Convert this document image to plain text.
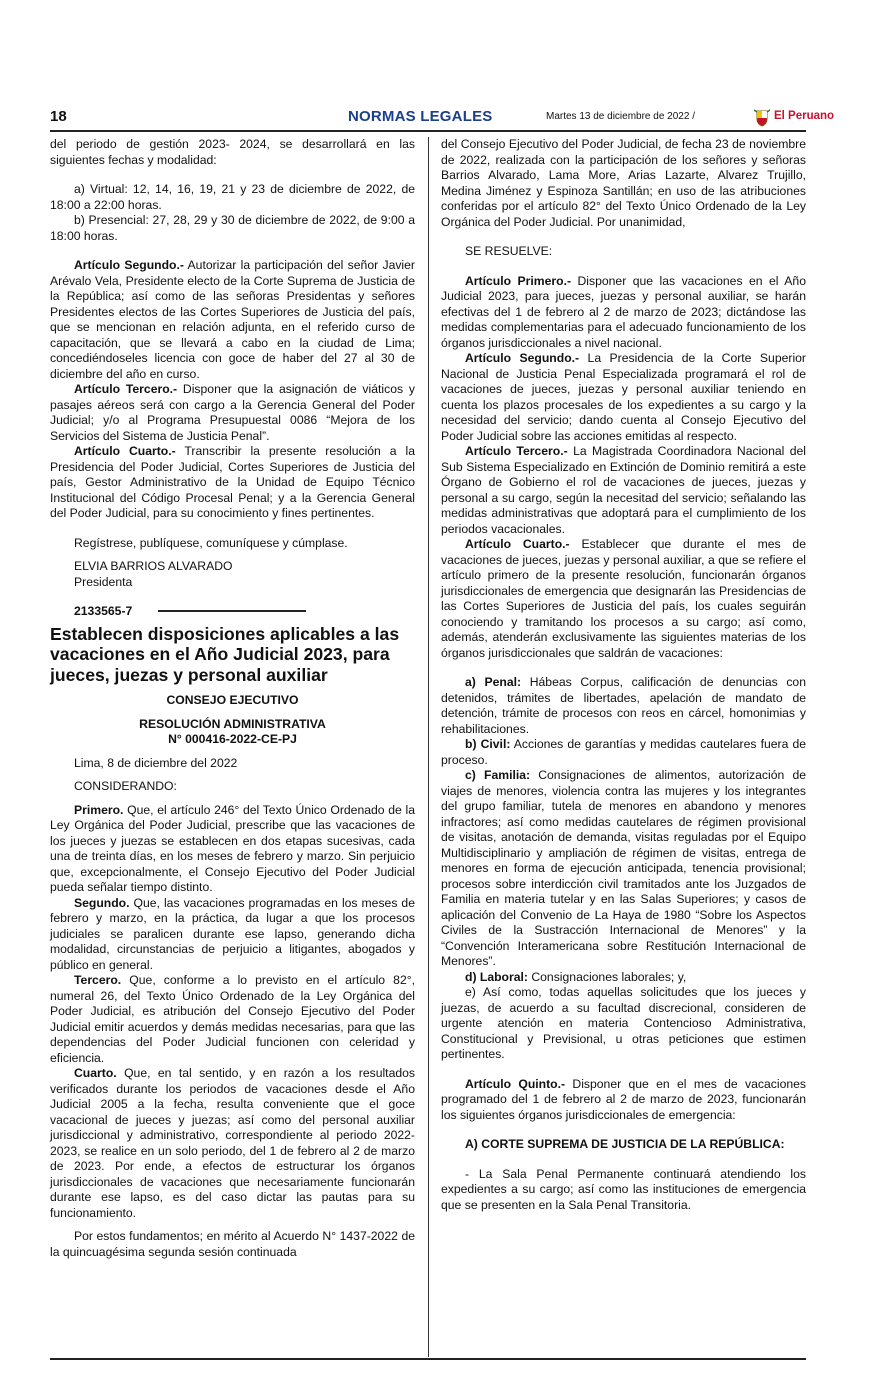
18	NORMAS LEGALES	Martes 13 de diciembre de 2022 /	El Peruano

del periodo de gestión 2023- 2024, se desarrollará en las siguientes fechas y modalidad:

a) Virtual: 12, 14, 16, 19, 21 y 23 de diciembre de 2022, de 18:00 a 22:00 horas.

b) Presencial: 27, 28, 29 y 30 de diciembre de 2022, de 9:00 a 18:00 horas.

Artículo Segundo.- Autorizar la participación del señor Javier Arévalo Vela, Presidente electo de la Corte Suprema de Justicia de la República; así como de las señoras Presidentas y señores Presidentes electos de las Cortes Superiores de Justicia del país, que se mencionan en relación adjunta, en el referido curso de capacitación, que se llevará a cabo en la ciudad de Lima; concediéndoseles licencia con goce de haber del 27 al 30 de diciembre del año en curso.

Artículo Tercero.- Disponer que la asignación de viáticos y pasajes aéreos será con cargo a la Gerencia General del Poder Judicial; y/o al Programa Presupuestal 0086 “Mejora de los Servicios del Sistema de Justicia Penal”.

Artículo Cuarto.- Transcribir la presente resolución a la Presidencia del Poder Judicial, Cortes Superiores de Justicia del país, Gestor Administrativo de la Unidad de Equipo Técnico Institucional del Código Procesal Penal; y a la Gerencia General del Poder Judicial, para su conocimiento y fines pertinentes.

Regístrese, publíquese, comuníquese y cúmplase.

ELVIA BARRIOS ALVARADO

Presidenta

2133565-7

Establecen disposiciones aplicables a las vacaciones en el Año Judicial 2023, para jueces, juezas y personal auxiliar

CONSEJO EJECUTIVO

RESOLUCIÓN ADMINISTRATIVA

N° 000416-2022-CE-PJ

Lima, 8 de diciembre del 2022

CONSIDERANDO:

Primero. Que, el artículo 246° del Texto Único Ordenado de la Ley Orgánica del Poder Judicial, prescribe que las vacaciones de los jueces y juezas se establecen en dos etapas sucesivas, cada una de treinta días, en los meses de febrero y marzo. Sin perjuicio que, excepcionalmente, el Consejo Ejecutivo del Poder Judicial pueda señalar tiempo distinto.

Segundo. Que, las vacaciones programadas en los meses de febrero y marzo, en la práctica, da lugar a que los procesos judiciales se paralicen durante ese lapso, generando dicha modalidad, circunstancias de perjuicio a litigantes, abogados y público en general.

Tercero. Que, conforme a lo previsto en el artículo 82°, numeral 26, del Texto Único Ordenado de la Ley Orgánica del Poder Judicial, es atribución del Consejo Ejecutivo del Poder Judicial emitir acuerdos y demás medidas necesarias, para que las dependencias del Poder Judicial funcionen con celeridad y eficiencia.

Cuarto. Que, en tal sentido, y en razón a los resultados verificados durante los periodos de vacaciones desde el Año Judicial 2005 a la fecha, resulta conveniente que el goce vacacional de jueces y juezas; así como del personal auxiliar jurisdiccional y administrativo, correspondiente al periodo 2022-2023, se realice en un solo periodo, del 1 de febrero al 2 de marzo de 2023. Por ende, a efectos de estructurar los órganos jurisdiccionales de vacaciones que necesariamente funcionarán durante ese lapso, es del caso dictar las pautas para su funcionamiento.

Por estos fundamentos; en mérito al Acuerdo N° 1437-2022 de la quincuagésima segunda sesión continuada

del Consejo Ejecutivo del Poder Judicial, de fecha 23 de noviembre de 2022, realizada con la participación de los señores y señoras Barrios Alvarado, Lama More, Arias Lazarte, Alvarez Trujillo, Medina Jiménez y Espinoza Santillán; en uso de las atribuciones conferidas por el artículo 82° del Texto Único Ordenado de la Ley Orgánica del Poder Judicial. Por unanimidad,

SE RESUELVE:

Artículo Primero.- Disponer que las vacaciones en el Año Judicial 2023, para jueces, juezas y personal auxiliar, se harán efectivas del 1 de febrero al 2 de marzo de 2023; dictándose las medidas complementarias para el adecuado funcionamiento de los órganos jurisdiccionales a nivel nacional.

Artículo Segundo.- La Presidencia de la Corte Superior Nacional de Justicia Penal Especializada programará el rol de vacaciones de jueces, juezas y personal auxiliar teniendo en cuenta los plazos procesales de los expedientes a su cargo y la necesidad del servicio; dando cuenta al Consejo Ejecutivo del Poder Judicial sobre las acciones emitidas al respecto.

Artículo Tercero.- La Magistrada Coordinadora Nacional del Sub Sistema Especializado en Extinción de Dominio remitirá a este Órgano de Gobierno el rol de vacaciones de jueces, juezas y personal a su cargo, según la necesitad del servicio; señalando las medidas administrativas que adoptará para el cumplimiento de los periodos vacacionales.

Artículo Cuarto.- Establecer que durante el mes de vacaciones de jueces, juezas y personal auxiliar, a que se refiere el artículo primero de la presente resolución, funcionarán órganos jurisdiccionales de emergencia que designarán las Presidencias de las Cortes Superiores de Justicia del país, los cuales seguirán conociendo y tramitando los procesos a su cargo; así como, además, atenderán exclusivamente las siguientes materias de los órganos jurisdiccionales que saldrán de vacaciones:

a) Penal: Hábeas Corpus, calificación de denuncias con detenidos, trámites de libertades, apelación de mandato de detención, trámite de procesos con reos en cárcel, homonimias y rehabilitaciones.

b) Civil: Acciones de garantías y medidas cautelares fuera de proceso.

c) Familia: Consignaciones de alimentos, autorización de viajes de menores, violencia contra las mujeres y los integrantes del grupo familiar, tutela de menores en abandono y menores infractores; así como medidas cautelares de régimen provisional de visitas, anotación de demanda, visitas reguladas por el Equipo Multidisciplinario y ampliación de régimen de visitas, entrega de menores en forma de ejecución anticipada, tenencia provisional; procesos sobre interdicción civil tramitados ante los Juzgados de Familia en materia tutelar y en las Salas Superiores; y casos de aplicación del Convenio de La Haya de 1980 “Sobre los Aspectos Civiles de la Sustracción Internacional de Menores” y la “Convención Interamericana sobre Restitución Internacional de Menores”.

d) Laboral: Consignaciones laborales; y,

e) Así como, todas aquellas solicitudes que los jueces y juezas, de acuerdo a su facultad discrecional, consideren de urgente atención en materia Contencioso Administrativa, Constitucional y Previsional, u otras peticiones que estimen pertinentes.

Artículo Quinto.- Disponer que en el mes de vacaciones programado del 1 de febrero al 2 de marzo de 2023, funcionarán los siguientes órganos jurisdiccionales de emergencia:

A) CORTE SUPREMA DE JUSTICIA DE LA REPÚBLICA:

- La Sala Penal Permanente continuará atendiendo los expedientes a su cargo; así como las instituciones de emergencia que se presenten en la Sala Penal Transitoria.
